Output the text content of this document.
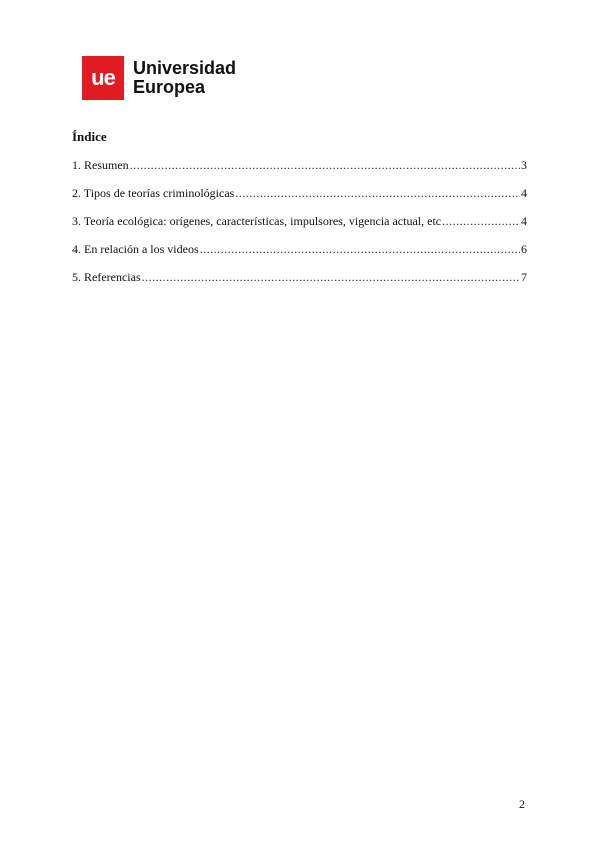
ue	Universidad
Europea
Índice
1. Resumen .....	3
2. Tipos de teorías criminológicas .....	4
3. Teoría ecológica: orígenes, características, impulsores, vigencia actual, etc .....	4
4. En relación a los videos .....	6
5. Referencias .....	7
2
